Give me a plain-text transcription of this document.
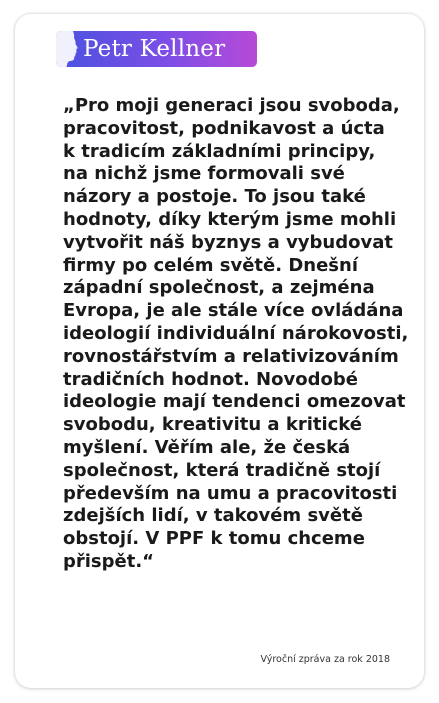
Petr Kellner

„Pro moji generaci jsou svoboda,
pracovitost, podnikavost a úcta
k tradicím základními principy,
na nichž jsme formovali své
názory a postoje. To jsou také
hodnoty, díky kterým jsme mohli
vytvořit náš byznys a vybudovat
firmy po celém světě. Dnešní
západní společnost, a zejména
Evropa, je ale stále více ovládána
ideologií individuální nárokovosti,
rovnostářstvím a relativizováním
tradičních hodnot. Novodobé
ideologie mají tendenci omezovat
svobodu, kreativitu a kritické
myšlení. Věřím ale, že česká
společnost, která tradičně stojí
především na umu a pracovitosti
zdejších lidí, v takovém světě
obstojí. V PPF k tomu chceme
přispět.“

Výroční zpráva za rok 2018
